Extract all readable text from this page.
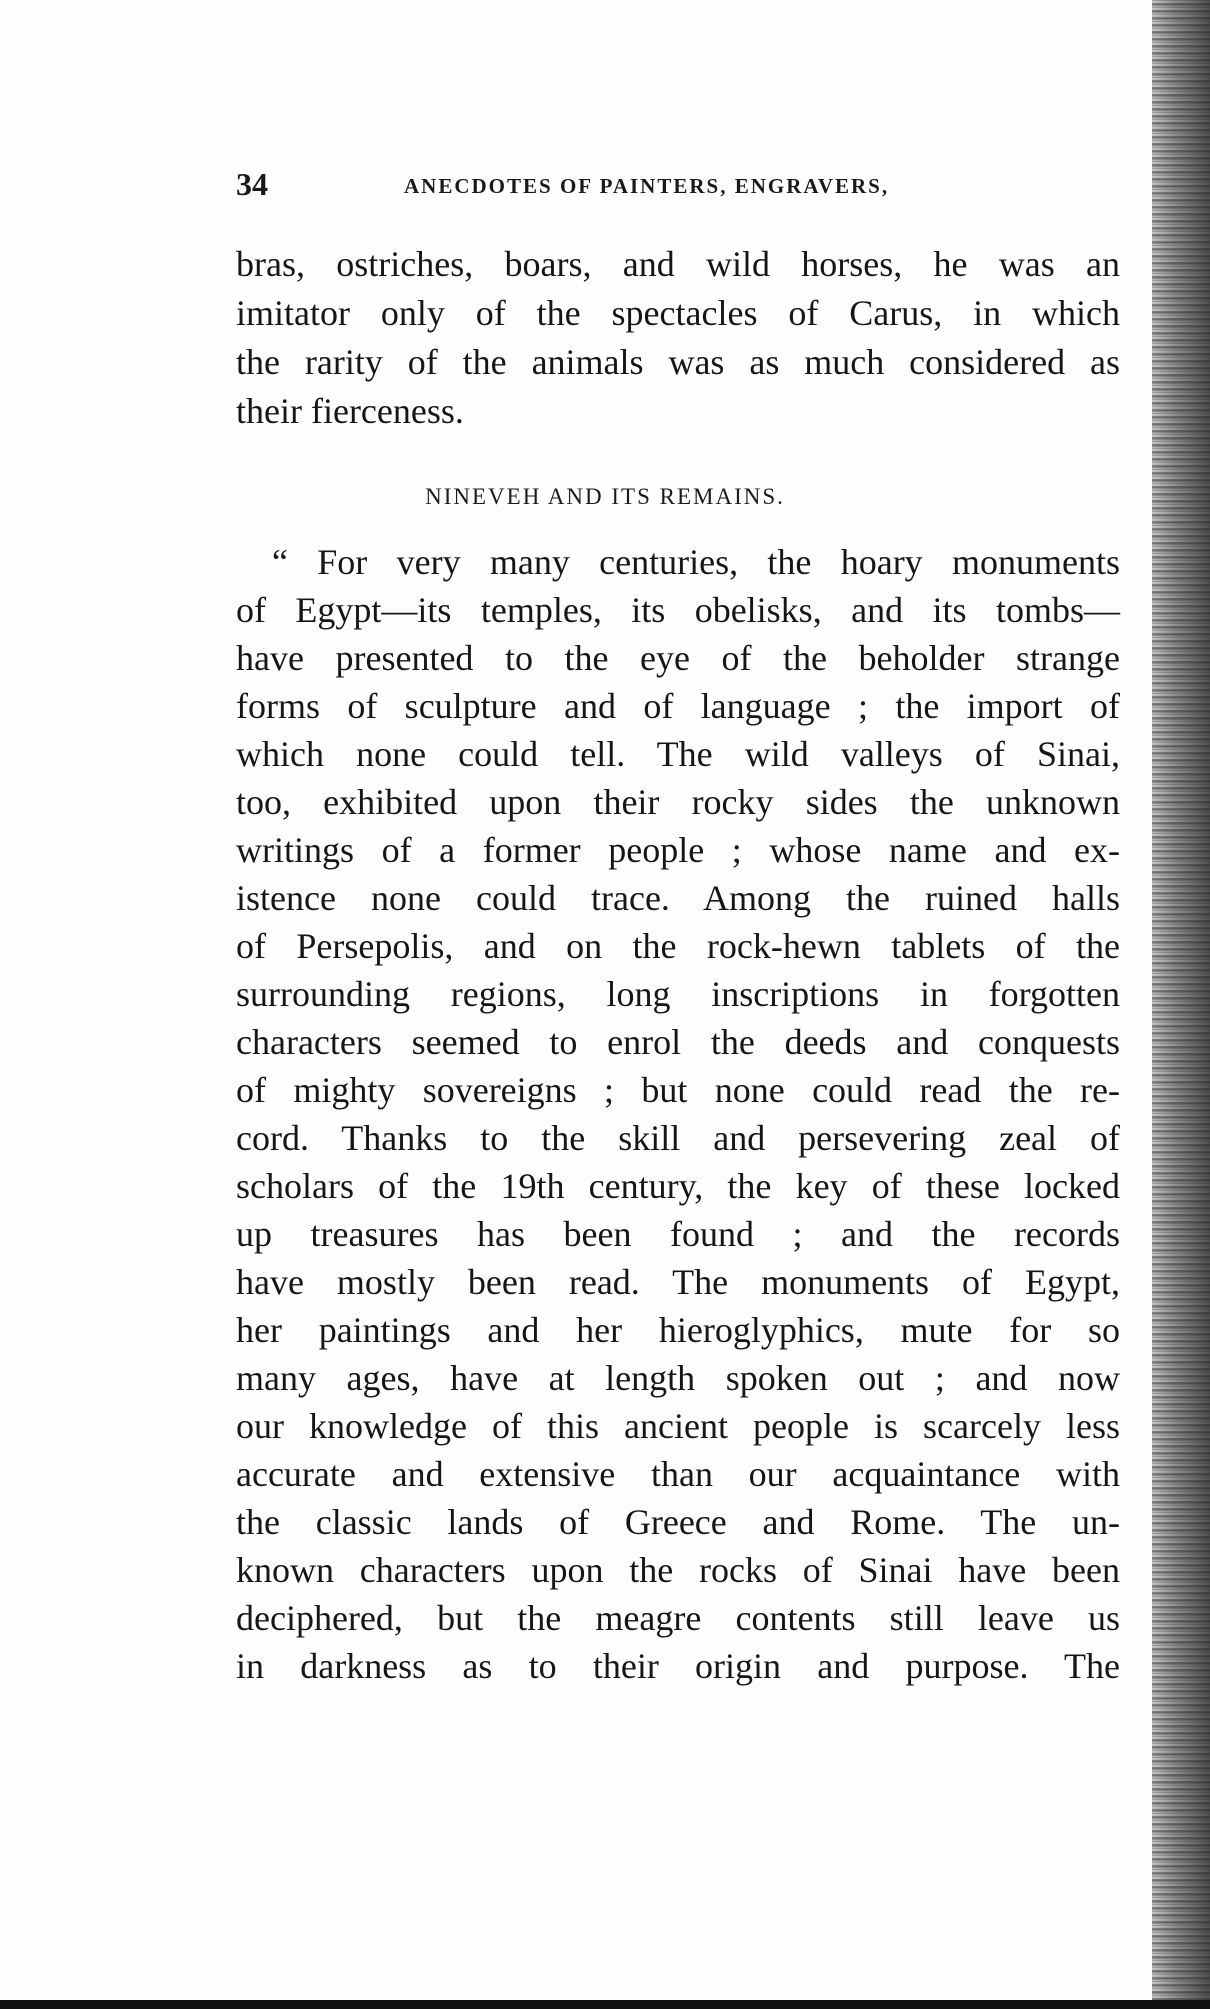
34	ANECDOTES OF PAINTERS, ENGRAVERS,
bras, ostriches, boars, and wild horses, he was an
imitator only of the spectacles of Carus, in which
the rarity of the animals was as much considered as
their fierceness.
NINEVEH AND ITS REMAINS.
“ For very many centuries, the hoary monuments
of Egypt—its temples, its obelisks, and its tombs—
have presented to the eye of the beholder strange
forms of sculpture and of language ; the import of
which none could tell. The wild valleys of Sinai,
too, exhibited upon their rocky sides the unknown
writings of a former people ; whose name and ex-
istence none could trace. Among the ruined halls
of Persepolis, and on the rock-hewn tablets of the
surrounding regions, long inscriptions in forgotten
characters seemed to enrol the deeds and conquests
of mighty sovereigns ; but none could read the re-
cord. Thanks to the skill and persevering zeal of
scholars of the 19th century, the key of these locked
up treasures has been found ; and the records
have mostly been read. The monuments of Egypt,
her paintings and her hieroglyphics, mute for so
many ages, have at length spoken out ; and now
our knowledge of this ancient people is scarcely less
accurate and extensive than our acquaintance with
the classic lands of Greece and Rome. The un-
known characters upon the rocks of Sinai have been
deciphered, but the meagre contents still leave us
in darkness as to their origin and purpose. The
